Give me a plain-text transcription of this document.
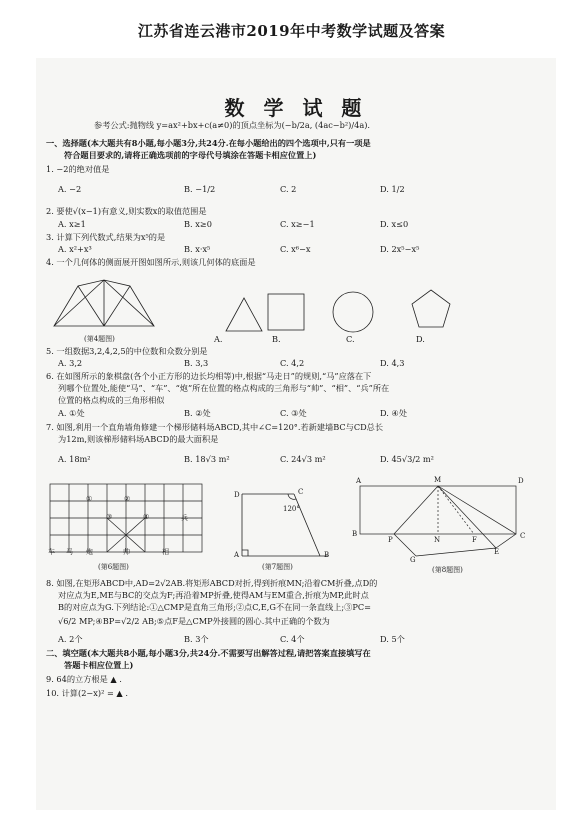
江苏省连云港市2019年中考数学试题及答案
数 学 试 题
参考公式:抛物线 y=ax²+bx+c(a≠0)的顶点坐标为(−b/2a, (4ac−b²)/4a).
一、选择题(本大题共有8小题,每小题3分,共24分.在每小题给出的四个选项中,只有一项是
符合题目要求的,请将正确选项前的字母代号填涂在答题卡相应位置上)
1. −2的绝对值是
A. −2	B. −1/2	C. 2	D. 1/2
2. 要使√(x−1)有意义,则实数x的取值范围是
A. x≥1	B. x≥0	C. x≥−1	D. x≤0
3. 计算下列代数式,结果为x⁵的是
A. x²+x³	B. x·x⁵	C. x⁶−x	D. 2x⁵−x⁵
4. 一个几何体的侧面展开图如图所示,则该几何体的底面是
(第4题图)	A.	B.	C.	D.
5. 一组数据3,2,4,2,5的中位数和众数分别是
A. 3,2	B. 3,3	C. 4,2	D. 4,3
6. 在如图所示的象棋盘(各个小正方形的边长均相等)中,根据“马走日”的规则,“马”应落在下
列哪个位置处,能使“马”、“车”、“炮”所在位置的格点构成的三角形与“帅”、“相”、“兵”所在
位置的格点构成的三角形相似
A. ①处	B. ②处	C. ③处	D. ④处
7. 如图,利用一个直角墙角修建一个梯形储料场ABCD,其中∠C=120°.若新建墙BC与CD总长
为12m,则该梯形储料场ABCD的最大面积是
A. 18m²	B. 18√3 m²	C. 24√3 m²	D. 45√3/2 m²
车 马 炮	帅	相
兵
①	②
③	④
(第6题图)
D	C
A	B
120°
(第7题图)
A	M	D
B
P	N	F	C
E
G
(第8题图)
8. 如图,在矩形ABCD中,AD=2√2AB.将矩形ABCD对折,得到折痕MN;沿着CM折叠,点D的
对应点为E,ME与BC的交点为F;再沿着MP折叠,使得AM与EM重合,折痕为MP,此时点
B的对应点为G.下列结论:①△CMP是直角三角形;②点C,E,G不在同一条直线上;③PC=
√6/2 MP;④BP=√2/2 AB;⑤点F是△CMP外接圆的圆心.其中正确的个数为
A. 2个	B. 3个	C. 4个	D. 5个
二、填空题(本大题共8小题,每小题3分,共24分.不需要写出解答过程,请把答案直接填写在
答题卡相应位置上)
9. 64的立方根是 ▲ .
10. 计算(2−x)² = ▲ .
